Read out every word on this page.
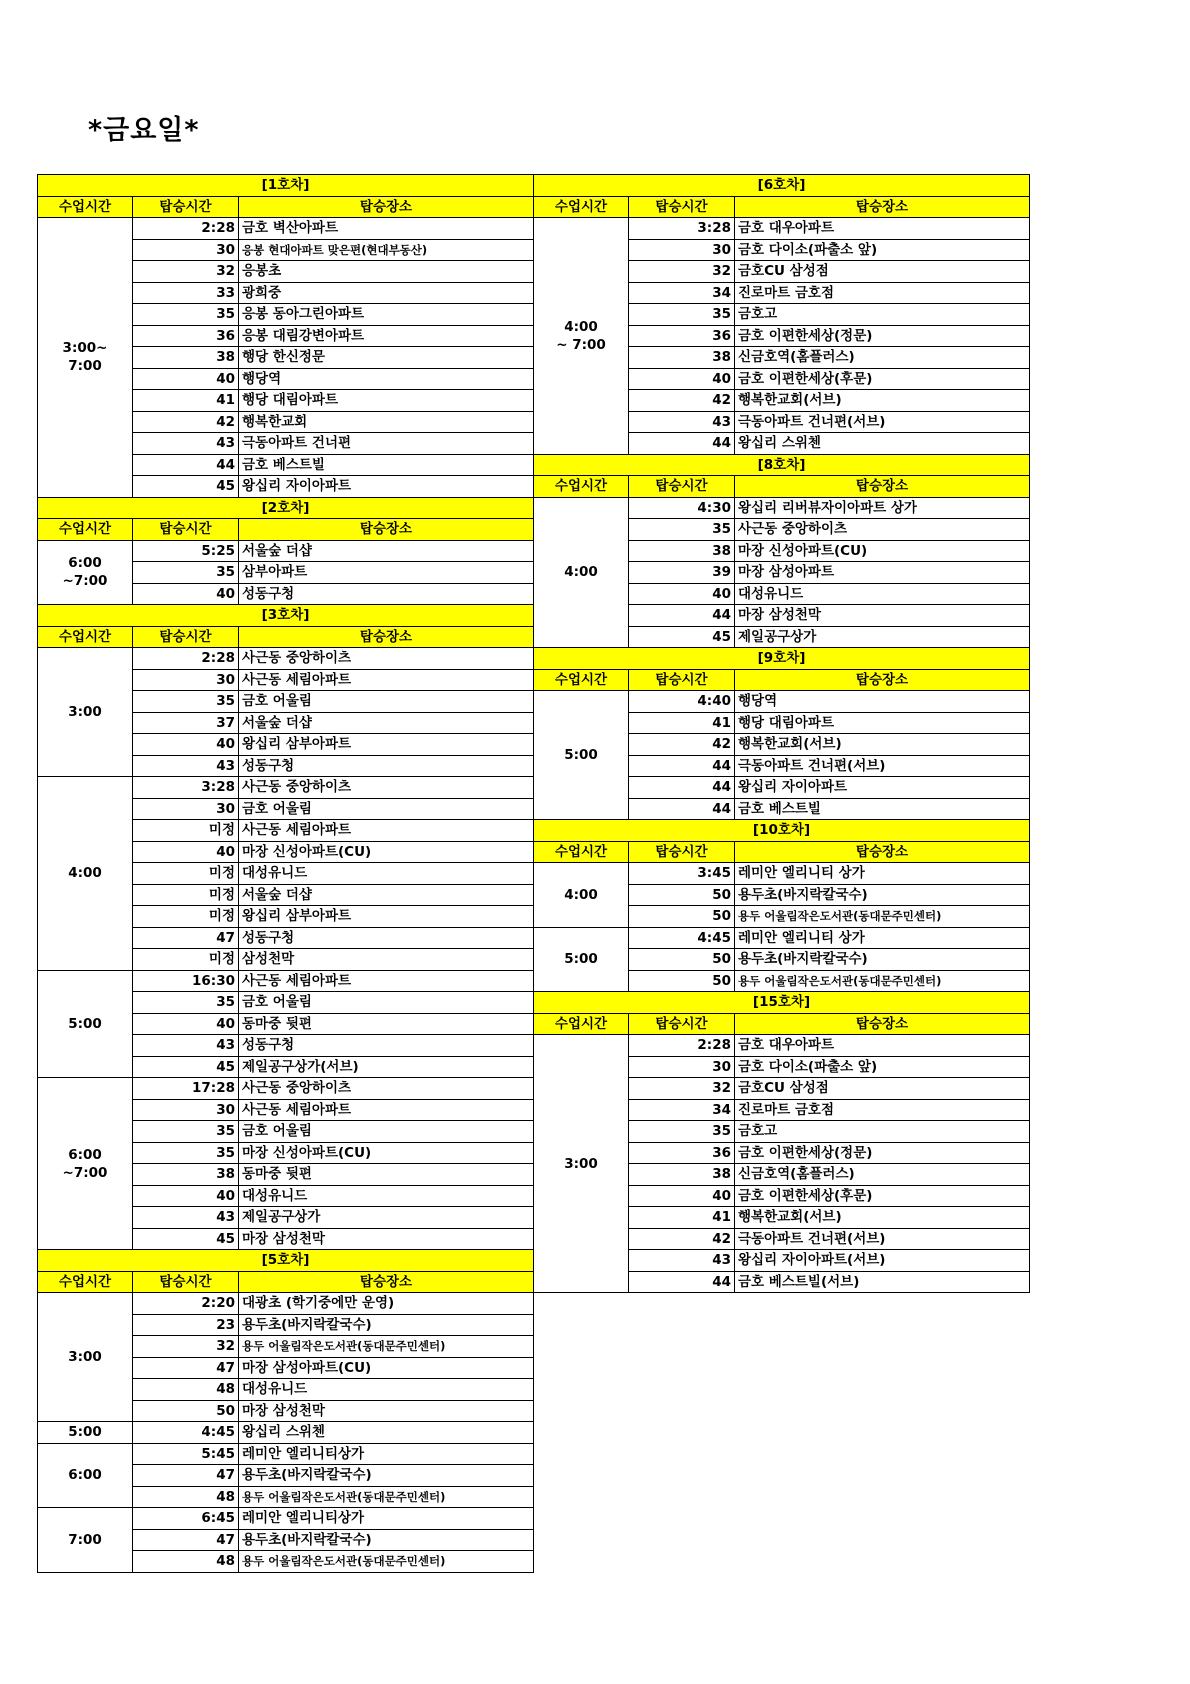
*금요일*
[1호차]		
수업시간	탑승시간	탑승장소

3:00~
7:00	2:28	금호 벽산아파트
	30	응봉 현대아파트 맞은편(현대부동산)
	32	응봉초
	33	광희중
	35	응봉 동아그린아파트
	36	응봉 대림강변아파트
	38	행당 한신정문
	40	행당역
	41	행당 대림아파트
	42	행복한교회
	43	극동아파트 건너편
	44	금호 베스트빌
	45	왕십리 자이아파트
[2호차]		
수업시간	탑승시간	탑승장소

6:00
~7:00	5:25	서울숲 더샵
	35	삼부아파트
	40	성동구청
[3호차]		
수업시간	탑승시간	탑승장소

3:00	2:28	사근동 중앙하이츠
	30	사근동 세림아파트
	35	금호 어울림
	37	서울숲 더샵
	40	왕십리 삼부아파트
	43	성동구청

4:00	3:28	사근동 중앙하이츠
	30	금호 어울림
	미정	사근동 세림아파트
	40	마장 신성아파트(CU)
	미정	대성유니드
	미정	서울숲 더샵
	미정	왕십리 삼부아파트
	47	성동구청
	미정	삼성천막

5:00	16:30	사근동 세림아파트
	35	금호 어울림
	40	동마중 뒷편
	43	성동구청
	45	제일공구상가(서브)

6:00
~7:00	17:28	사근동 중앙하이츠
	30	사근동 세림아파트
	35	금호 어울림
	35	마장 신성아파트(CU)
	38	동마중 뒷편
	40	대성유니드
	43	제일공구상가
	45	마장 삼성천막
[5호차]		
수업시간	탑승시간	탑승장소

3:00	2:20	대광초 (학기중에만 운영)
	23	용두초(바지락칼국수)
	32	용두 어울림작은도서관(동대문주민센터)
	47	마장 삼성아파트(CU)
	48	대성유니드
	50	마장 삼성천막

5:00	4:45	왕십리 스위첸

6:00	5:45	레미안 엘리니티상가
	47	용두초(바지락칼국수)
	48	용두 어울림작은도서관(동대문주민센터)

7:00	6:45	레미안 엘리니티상가
	47	용두초(바지락칼국수)
	48	용두 어울림작은도서관(동대문주민센터)
[6호차]		
수업시간	탑승시간	탑승장소

4:00
~ 7:00	3:28	금호 대우아파트
	30	금호 다이소(파출소 앞)
	32	금호CU 삼성점
	34	진로마트 금호점
	35	금호고
	36	금호 이편한세상(정문)
	38	신금호역(홈플러스)
	40	금호 이편한세상(후문)
	42	행복한교회(서브)
	43	극동아파트 건너편(서브)
	44	왕십리 스위첸
[8호차]		
수업시간	탑승시간	탑승장소

4:00	4:30	왕십리 리버뷰자이아파트 상가
	35	사근동 중앙하이츠
	38	마장 신성아파트(CU)
	39	마장 삼성아파트
	40	대성유니드
	44	마장 삼성천막
	45	제일공구상가
[9호차]		
수업시간	탑승시간	탑승장소

5:00	4:40	행당역
	41	행당 대림아파트
	42	행복한교회(서브)
	44	극동아파트 건너편(서브)
	44	왕십리 자이아파트
	44	금호 베스트빌
[10호차]		
수업시간	탑승시간	탑승장소

4:00	3:45	레미안 엘리니티 상가
	50	용두초(바지락칼국수)
	50	용두 어울림작은도서관(동대문주민센터)

5:00	4:45	레미안 엘리니티 상가
	50	용두초(바지락칼국수)
	50	용두 어울림작은도서관(동대문주민센터)
[15호차]		
수업시간	탑승시간	탑승장소

3:00	2:28	금호 대우아파트
	30	금호 다이소(파출소 앞)
	32	금호CU 삼성점
	34	진로마트 금호점
	35	금호고
	36	금호 이편한세상(정문)
	38	신금호역(홈플러스)
	40	금호 이편한세상(후문)
	41	행복한교회(서브)
	42	극동아파트 건너편(서브)
	43	왕십리 자이아파트(서브)
	44	금호 베스트빌(서브)
